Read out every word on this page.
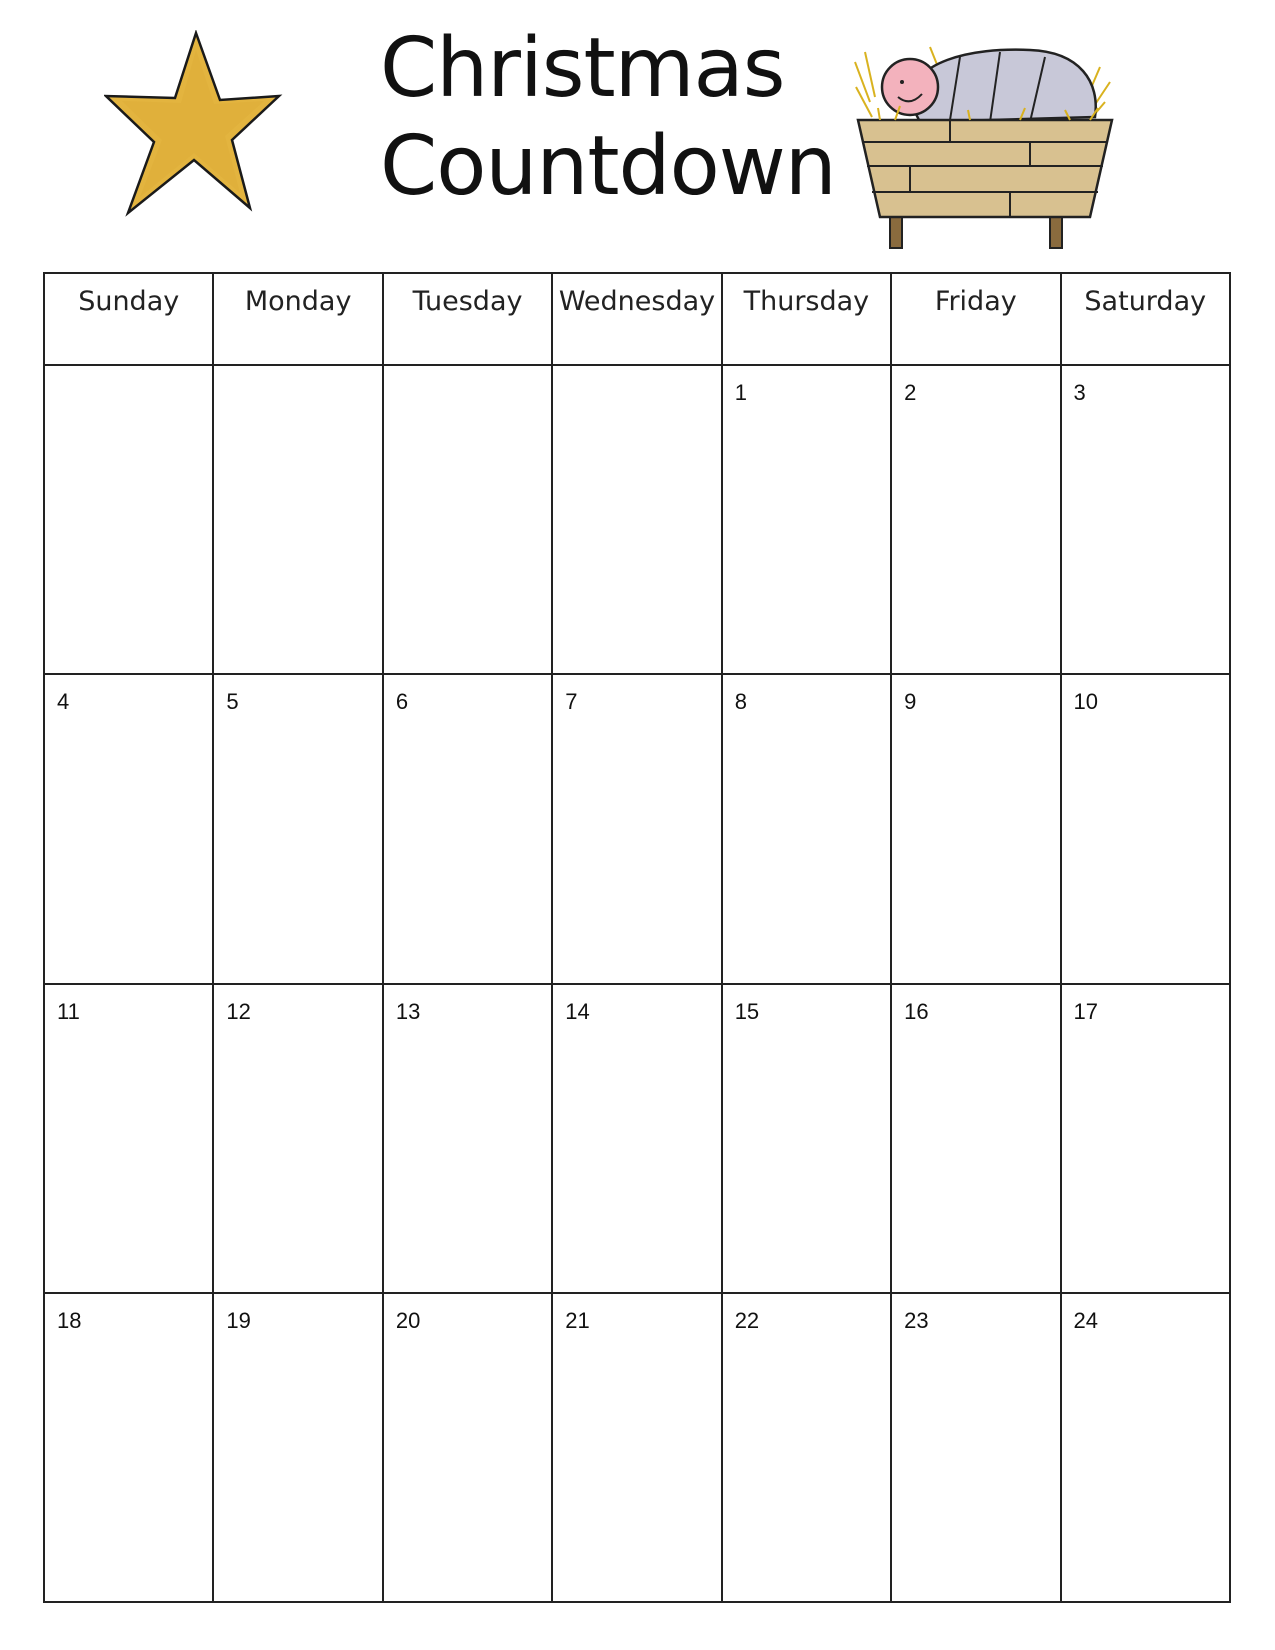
Christmas
Countdown
Sunday	Monday	Tuesday	Wednesday	Thursday	Friday	Saturday

				1	2	3

4	5	6	7	8	9	10

11	12	13	14	15	16	17

18	19	20	21	22	23	24
